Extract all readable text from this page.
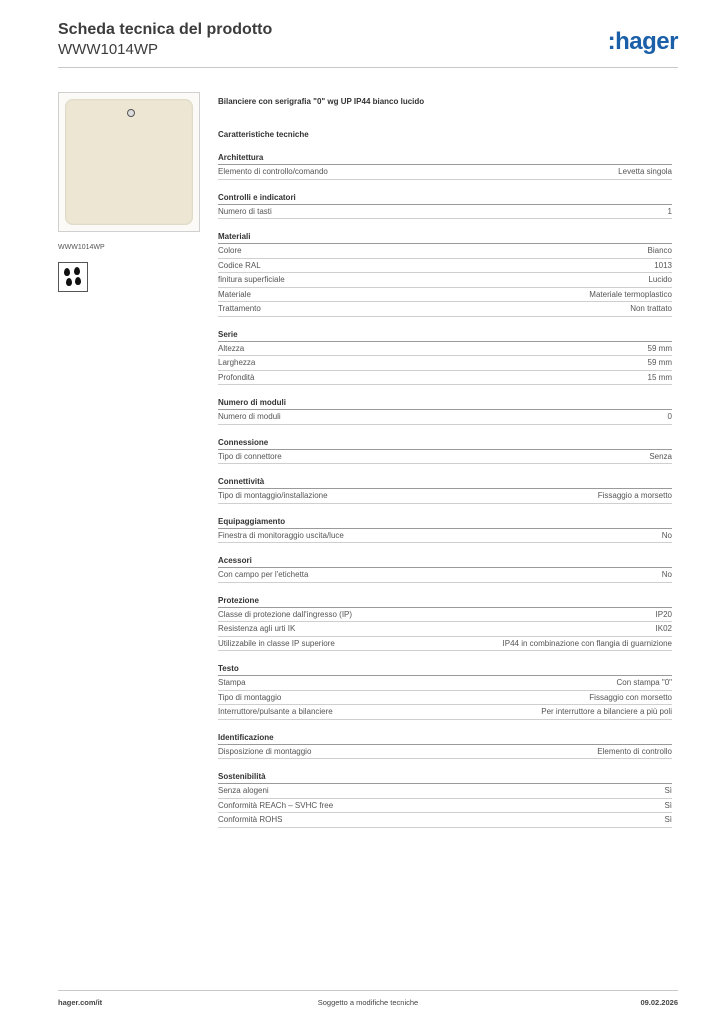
Scheda tecnica del prodotto
WWW1014WP	:hager
WWW1014WP
Bilanciere con serigrafia "0" wg UP IP44 bianco lucido
Caratteristiche tecniche
Architettura
Elemento di controllo/comando	Levetta singola
Controlli e indicatori
Numero di tasti	1
Materiali
Colore	Bianco
Codice RAL	1013
finitura superficiale	Lucido
Materiale	Materiale termoplastico
Trattamento	Non trattato
Serie
Altezza	59 mm
Larghezza	59 mm
Profondità	15 mm
Numero di moduli
Numero di moduli	0
Connessione
Tipo di connettore	Senza
Connettività
Tipo di montaggio/installazione	Fissaggio a morsetto
Equipaggiamento
Finestra di monitoraggio uscita/luce	No
Acessori
Con campo per l'etichetta	No
Protezione
Classe di protezione dall'ingresso (IP)	IP20
Resistenza agli urti IK	IK02
Utilizzabile in classe IP superiore	IP44 in combinazione con flangia di guarnizione
Testo
Stampa	Con stampa "0"
Tipo di montaggio	Fissaggio con morsetto
Interruttore/pulsante a bilanciere	Per interruttore a bilanciere a più poli
Identificazione
Disposizione di montaggio	Elemento di controllo
Sostenibilità
Senza alogeni	Sì
Conformità REACh – SVHC free	Sì
Conformità ROHS	Sì
hager.com/it	Soggetto a modifiche tecniche	09.02.2026
